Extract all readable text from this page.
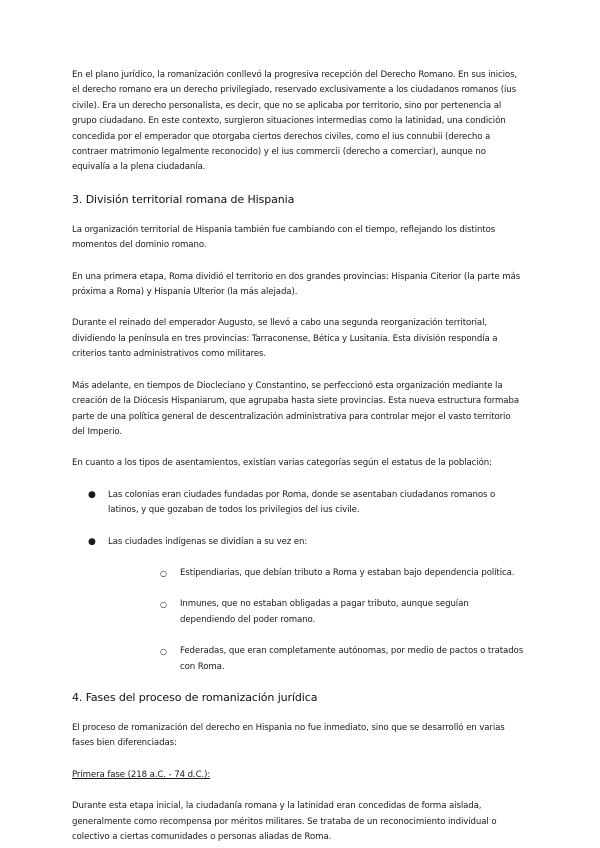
En el plano jurídico, la romanización conllevó la progresiva recepción del Derecho Romano. En sus inicios, el derecho romano era un derecho privilegiado, reservado exclusivamente a los ciudadanos romanos (ius civile). Era un derecho personalista, es decir, que no se aplicaba por territorio, sino por pertenencia al grupo ciudadano. En este contexto, surgieron situaciones intermedias como la latinidad, una condición concedida por el emperador que otorgaba ciertos derechos civiles, como el ius connubii (derecho a contraer matrimonio legalmente reconocido) y el ius commercii (derecho a comerciar), aunque no equivalía a la plena ciudadanía.

3. División territorial romana de Hispania

La organización territorial de Hispania también fue cambiando con el tiempo, reflejando los distintos momentos del dominio romano.

En una primera etapa, Roma dividió el territorio en dos grandes provincias: Hispania Citerior (la parte más próxima a Roma) y Hispania Ulterior (la más alejada).

Durante el reinado del emperador Augusto, se llevó a cabo una segunda reorganización territorial, dividiendo la península en tres provincias: Tarraconense, Bética y Lusitania. Esta división respondía a criterios tanto administrativos como militares.

Más adelante, en tiempos de Diocleciano y Constantino, se perfeccionó esta organización mediante la creación de la Diócesis Hispaniarum, que agrupaba hasta siete provincias. Esta nueva estructura formaba parte de una política general de descentralización administrativa para controlar mejor el vasto territorio del Imperio.

En cuanto a los tipos de asentamientos, existían varias categorías según el estatus de la población:

● Las colonias eran ciudades fundadas por Roma, donde se asentaban ciudadanos romanos o latinos, y que gozaban de todos los privilegios del ius civile.
● Las ciudades indígenas se dividían a su vez en:
○ Estipendiarias, que debían tributo a Roma y estaban bajo dependencia política.
○ Inmunes, que no estaban obligadas a pagar tributo, aunque seguían dependiendo del poder romano.
○ Federadas, que eran completamente autónomas, por medio de pactos o tratados con Roma.
4. Fases del proceso de romanización jurídica

El proceso de romanización del derecho en Hispania no fue inmediato, sino que se desarrolló en varias fases bien diferenciadas:

Primera fase (218 a.C. - 74 d.C.):

Durante esta etapa inicial, la ciudadanía romana y la latinidad eran concedidas de forma aislada, generalmente como recompensa por méritos militares. Se trataba de un reconocimiento individual o colectivo a ciertas comunidades o personas aliadas de Roma.
